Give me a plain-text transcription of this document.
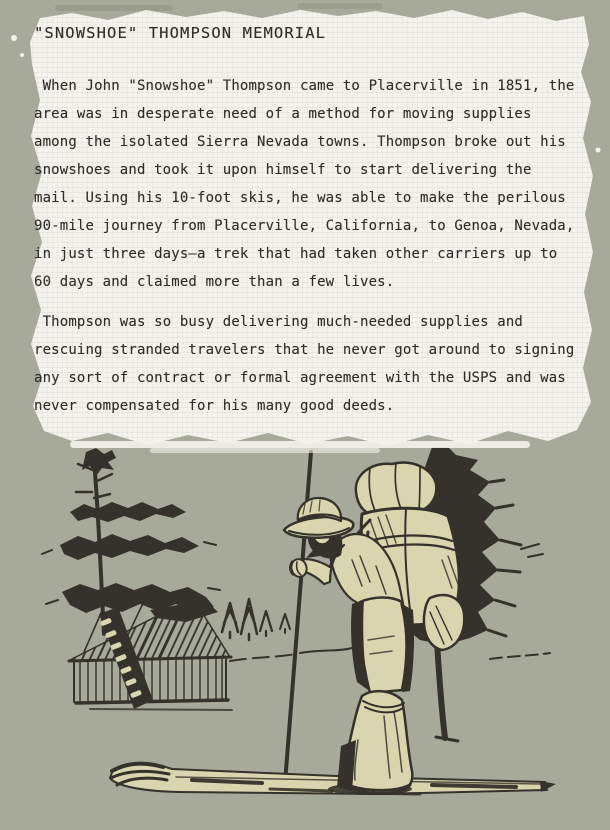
"SNOWSHOE" THOMPSON MEMORIAL

When John "Snowshoe" Thompson came to Placerville in 1851, the area was in desperate need of a method for moving supplies among the isolated Sierra Nevada towns. Thompson broke out his snowshoes and took it upon himself to start delivering the mail. Using his 10-foot skis, he was able to make the perilous 90-mile journey from Placerville, California, to Genoa, Nevada, in just three days—a trek that had taken other carriers up to 60 days and claimed more than a few lives.

Thompson was so busy delivering much-needed supplies and rescuing stranded travelers that he never got around to signing any sort of contract or formal agreement with the USPS and was never compensated for his many good deeds.
